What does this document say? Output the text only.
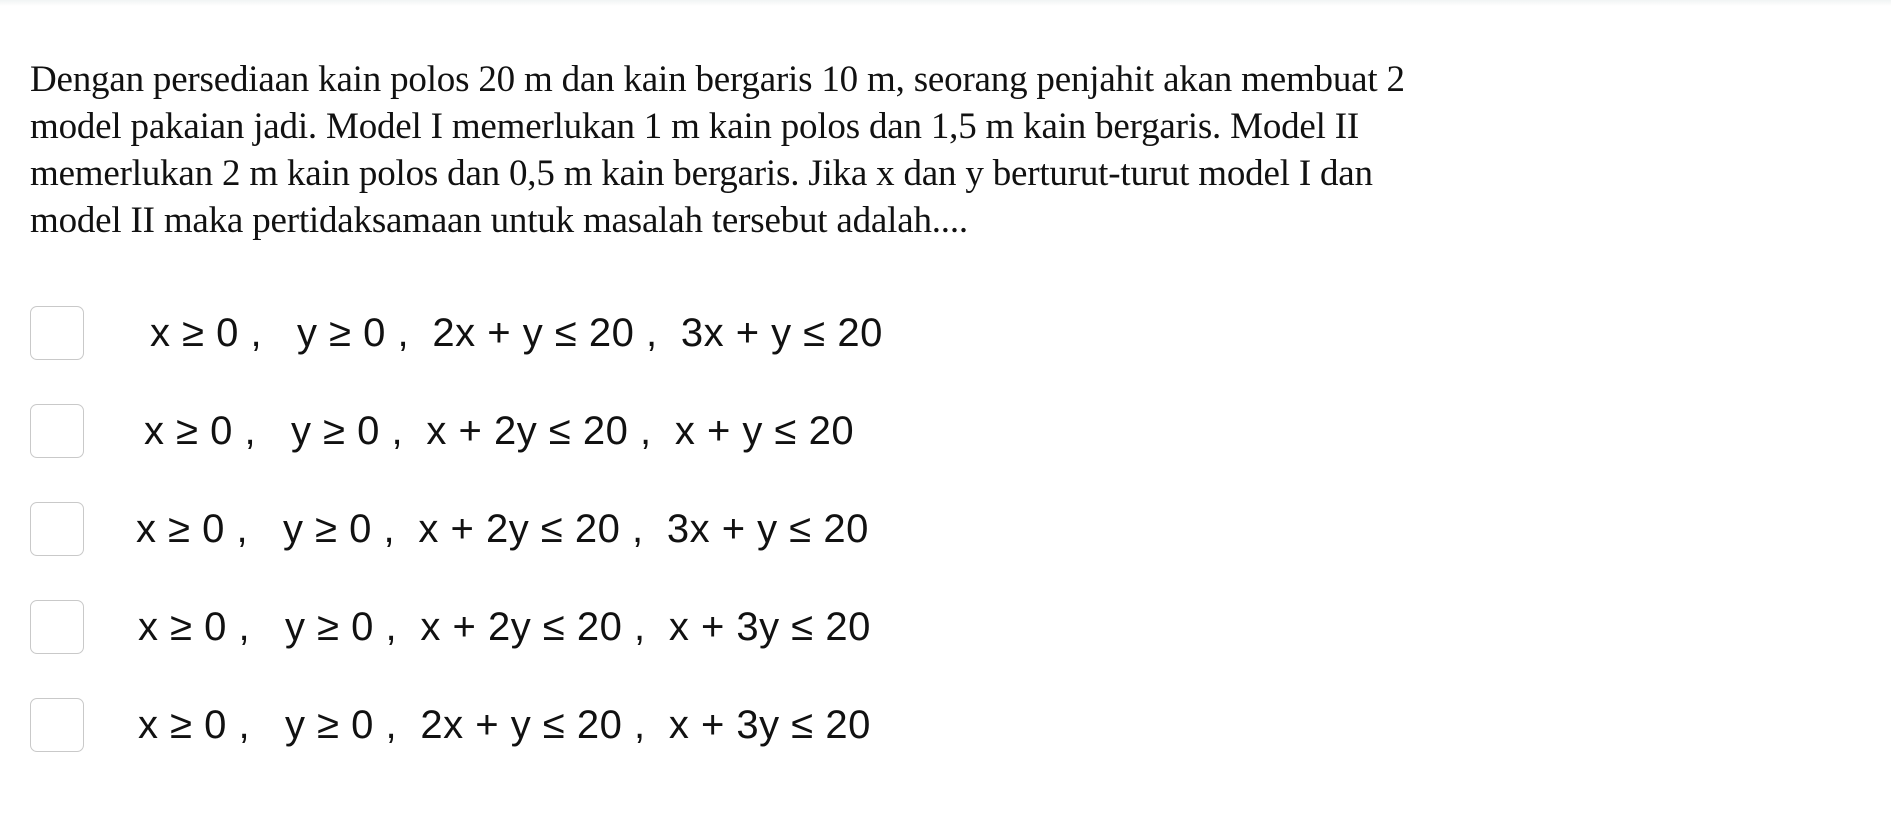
Dengan persediaan kain polos 20 m dan kain bergaris 10 m, seorang penjahit akan membuat 2
model pakaian jadi. Model I memerlukan 1 m kain polos dan 1,5 m kain bergaris. Model II
memerlukan 2 m kain polos dan 0,5 m kain bergaris. Jika x dan y berturut-turut model I dan
model II maka pertidaksamaan untuk masalah tersebut adalah....

x ≥ 0 ,   y ≥ 0 ,  2x + y ≤ 20 ,  3x + y ≤ 20
x ≥ 0 ,   y ≥ 0 ,  x + 2y ≤ 20 ,  x + y ≤ 20
x ≥ 0 ,   y ≥ 0 ,  x + 2y ≤ 20 ,  3x + y ≤ 20
x ≥ 0 ,   y ≥ 0 ,  x + 2y ≤ 20 ,  x + 3y ≤ 20
x ≥ 0 ,   y ≥ 0 ,  2x + y ≤ 20 ,  x + 3y ≤ 20
